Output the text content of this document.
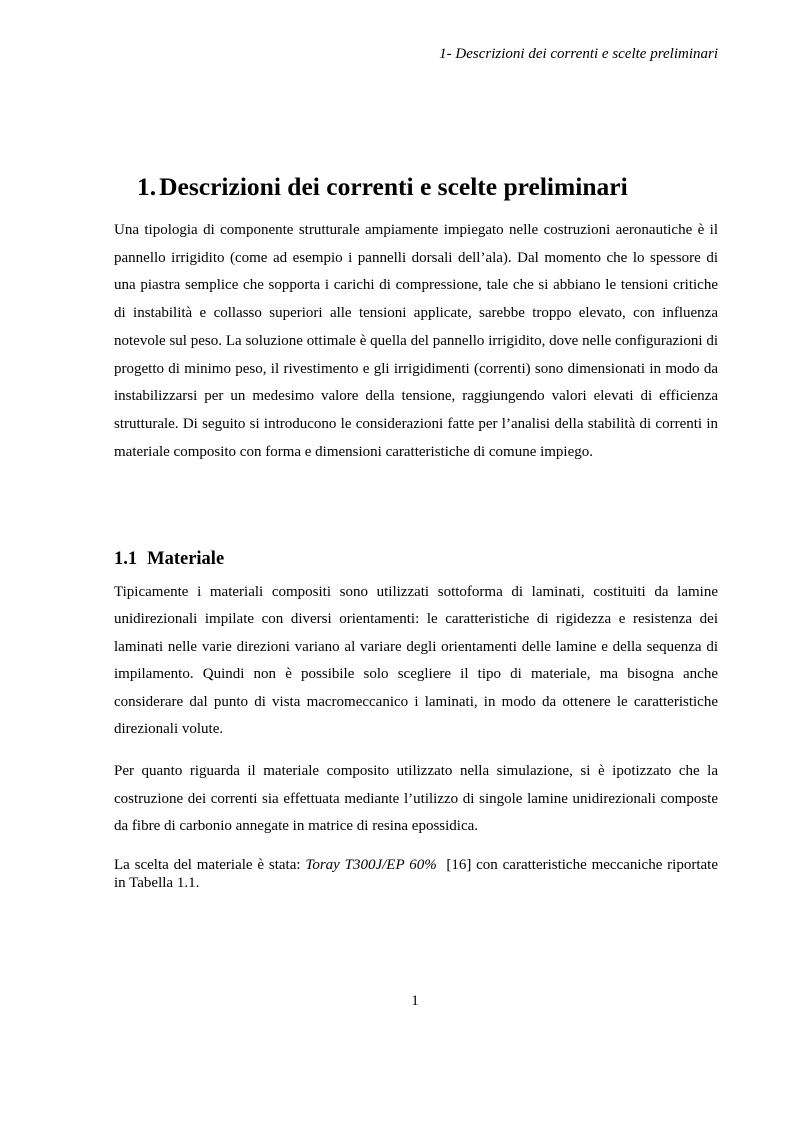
1- Descrizioni dei correnti e scelte preliminari

1. Descrizioni dei correnti e scelte preliminari

Una tipologia di componente strutturale ampiamente impiegato nelle costruzioni aeronautiche è il pannello irrigidito (come ad esempio i pannelli dorsali dell’ala). Dal momento che lo spessore di una piastra semplice che sopporta i carichi di compressione, tale che si abbiano le tensioni critiche di instabilità e collasso superiori alle tensioni applicate, sarebbe troppo elevato, con influenza notevole sul peso. La soluzione ottimale è quella del pannello irrigidito, dove nelle configurazioni di progetto di minimo peso, il rivestimento e gli irrigidimenti (correnti) sono dimensionati in modo da instabilizzarsi per un medesimo valore della tensione, raggiungendo valori elevati di efficienza strutturale. Di seguito si introducono le considerazioni fatte per l’analisi della stabilità di correnti in materiale composito con forma e dimensioni caratteristiche di comune impiego.

1.1 Materiale

Tipicamente i materiali compositi sono utilizzati sottoforma di laminati, costituiti da lamine unidirezionali impilate con diversi orientamenti: le caratteristiche di rigidezza e resistenza dei laminati nelle varie direzioni variano al variare degli orientamenti delle lamine e della sequenza di impilamento. Quindi non è possibile solo scegliere il tipo di materiale, ma bisogna anche considerare dal punto di vista macromeccanico i laminati, in modo da ottenere le caratteristiche direzionali volute.

Per quanto riguarda il materiale composito utilizzato nella simulazione, si è ipotizzato che la costruzione dei correnti sia effettuata mediante l’utilizzo di singole lamine unidirezionali composte da fibre di carbonio annegate in matrice di resina epossidica.

La scelta del materiale è stata: Toray T300J/EP 60%  [16] con caratteristiche meccaniche riportate in Tabella 1.1.

1
